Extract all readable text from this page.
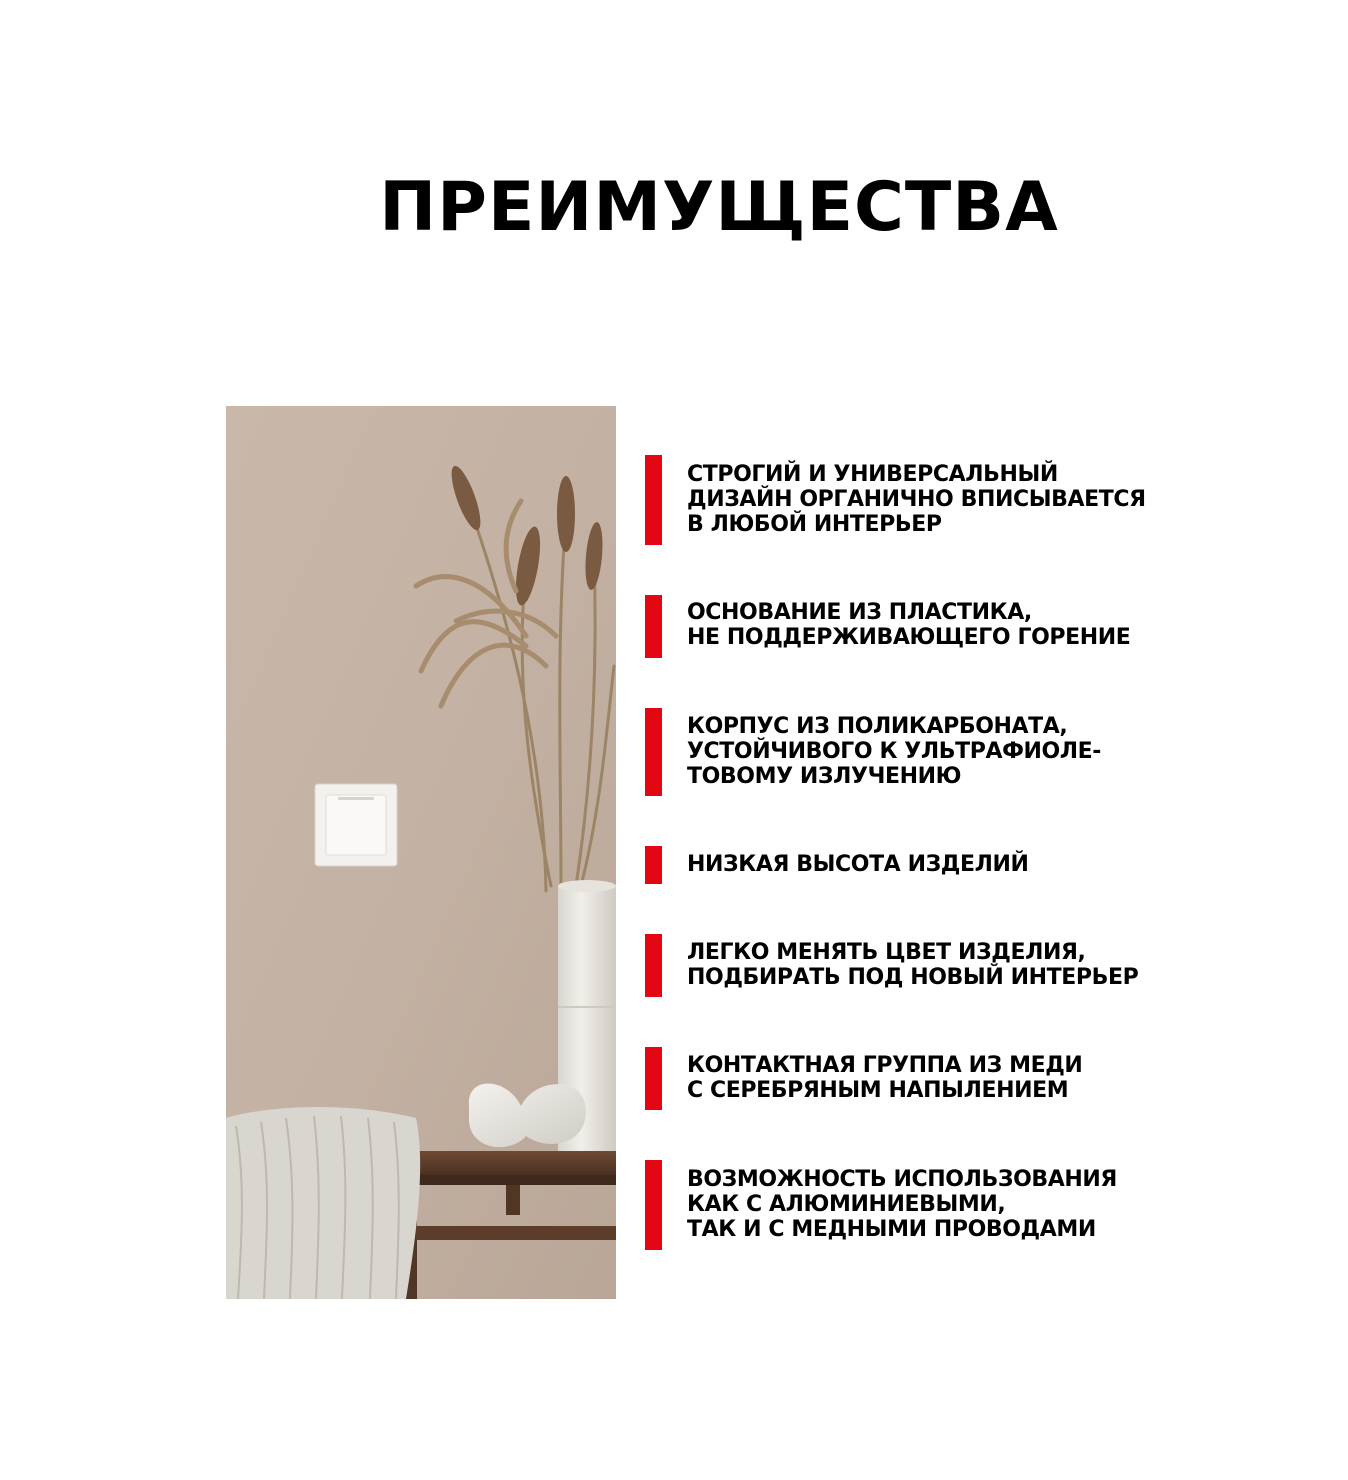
ПРЕИМУЩЕСТВА
СТРОГИЙ И УНИВЕРСАЛЬНЫЙ
ДИЗАЙН ОРГАНИЧНО ВПИСЫВАЕТСЯ
В ЛЮБОЙ ИНТЕРЬЕР
ОСНОВАНИЕ ИЗ ПЛАСТИКА,
НЕ ПОДДЕРЖИВАЮЩЕГО ГОРЕНИЕ
КОРПУС ИЗ ПОЛИКАРБОНАТА,
УСТОЙЧИВОГО К УЛЬТРАФИОЛЕ-
ТОВОМУ ИЗЛУЧЕНИЮ
НИЗКАЯ ВЫСОТА ИЗДЕЛИЙ
ЛЕГКО МЕНЯТЬ ЦВЕТ ИЗДЕЛИЯ,
ПОДБИРАТЬ ПОД НОВЫЙ ИНТЕРЬЕР
КОНТАКТНАЯ ГРУППА ИЗ МЕДИ
С СЕРЕБРЯНЫМ НАПЫЛЕНИЕМ
ВОЗМОЖНОСТЬ ИСПОЛЬЗОВАНИЯ
КАК С АЛЮМИНИЕВЫМИ,
ТАК И С МЕДНЫМИ ПРОВОДАМИ
